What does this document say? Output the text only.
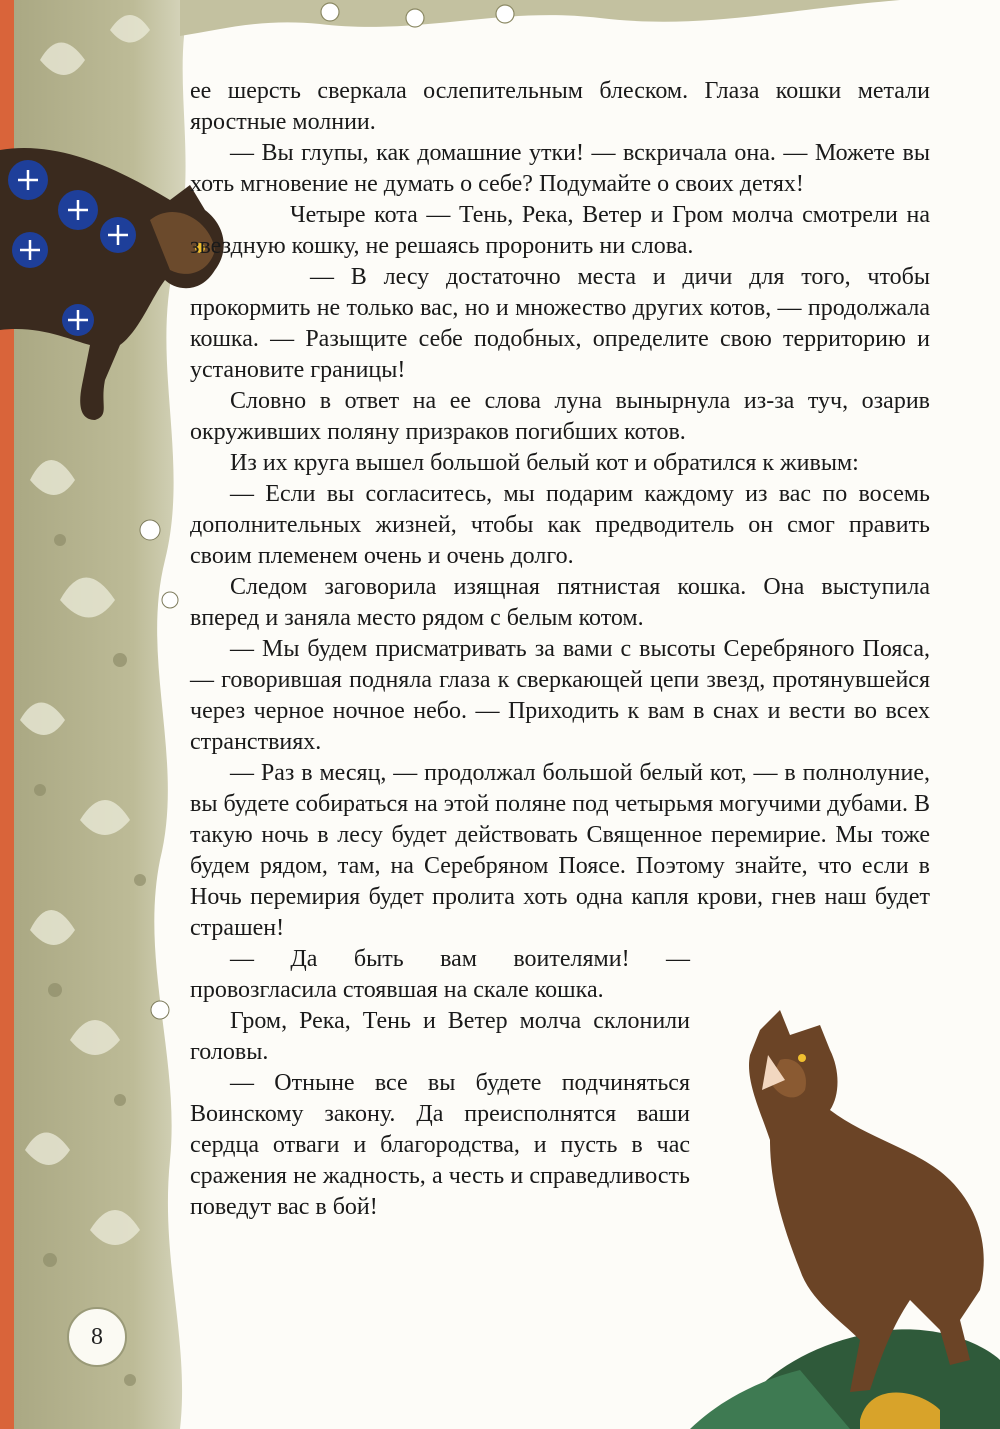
ее шерсть сверкала ослепительным блеском. Глаза кошки метали яростные молнии.

— Вы глупы, как домашние утки! — вскричала она. — Можете вы хоть мгновение не думать о себе? Подумайте о своих детях!

Четыре кота — Тень, Река, Ветер и Гром молча смотрели на звездную кошку, не решаясь проронить ни слова.

— В лесу достаточно места и дичи для того, чтобы прокормить не только вас, но и множество других котов, — продолжала кошка. — Разыщите себе подобных, определите свою территорию и установите границы!

Словно в ответ на ее слова луна вынырнула из-за туч, озарив окруживших поляну призраков погибших котов.

Из их круга вышел большой белый кот и обратился к живым:

— Если вы согласитесь, мы подарим каждому из вас по восемь дополнительных жизней, чтобы как предводитель он смог править своим племенем очень и очень долго.

Следом заговорила изящная пятнистая кошка. Она выступила вперед и заняла место рядом с белым котом.

— Мы будем присматривать за вами с высоты Серебряного Пояса, — говорившая подняла глаза к сверкающей цепи звезд, протянувшейся через черное ночное небо. — Приходить к вам в снах и вести во всех странствиях.

— Раз в месяц, — продолжал большой белый кот, — в полнолуние, вы будете собираться на этой поляне под четырьмя могучими дубами. В такую ночь в лесу будет действовать Священное перемирие. Мы тоже будем рядом, там, на Серебряном Поясе. Поэтому знайте, что если в Ночь перемирия будет пролита хоть одна капля крови, гнев наш будет страшен!

— Да быть вам воителями! — провозгласила стоявшая на скале кошка.

Гром, Река, Тень и Ветер молча склонили головы.

— Отныне все вы будете подчиняться Воинскому закону. Да преисполнятся ваши сердца отваги и благородства, и пусть в час сражения не жадность, а честь и справедливость поведут вас в бой!

8
